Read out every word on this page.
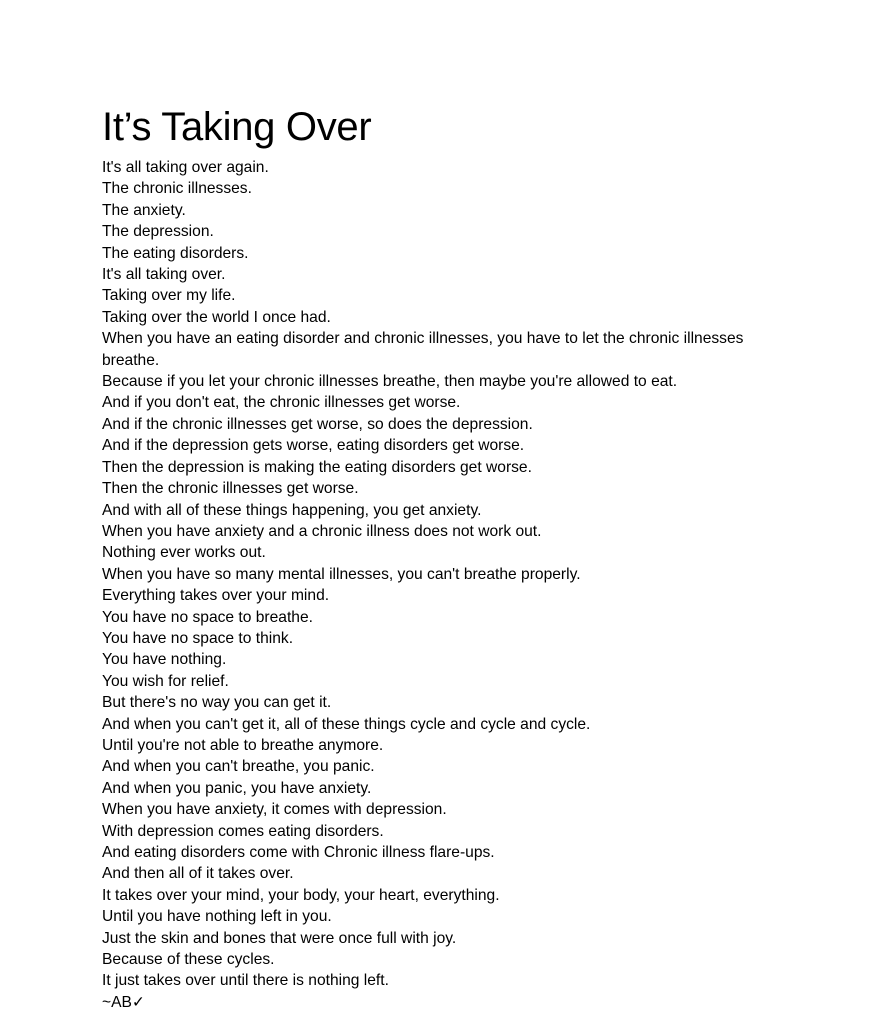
It’s Taking Over
It's all taking over again.
The chronic illnesses.
The anxiety.
The depression.
The eating disorders.
It's all taking over.
Taking over my life.
Taking over the world I once had.
When you have an eating disorder and chronic illnesses, you have to let the chronic illnesses breathe.
Because if you let your chronic illnesses breathe, then maybe you're allowed to eat.
And if you don't eat, the chronic illnesses get worse.
And if the chronic illnesses get worse, so does the depression.
And if the depression gets worse, eating disorders get worse.
Then the depression is making the eating disorders get worse.
Then the chronic illnesses get worse.
And with all of these things happening, you get anxiety.
When you have anxiety and a chronic illness does not work out.
Nothing ever works out.
When you have so many mental illnesses, you can't breathe properly.
Everything takes over your mind.
You have no space to breathe.
You have no space to think.
You have nothing.
You wish for relief.
But there's no way you can get it.
And when you can't get it, all of these things cycle and cycle and cycle.
Until you're not able to breathe anymore.
And when you can't breathe, you panic.
And when you panic, you have anxiety.
When you have anxiety, it comes with depression.
With depression comes eating disorders.
And eating disorders come with Chronic illness flare-ups.
And then all of it takes over.
It takes over your mind, your body, your heart, everything.
Until you have nothing left in you.
Just the skin and bones that were once full with joy.
Because of these cycles.
It just takes over until there is nothing left.
~AB✓
